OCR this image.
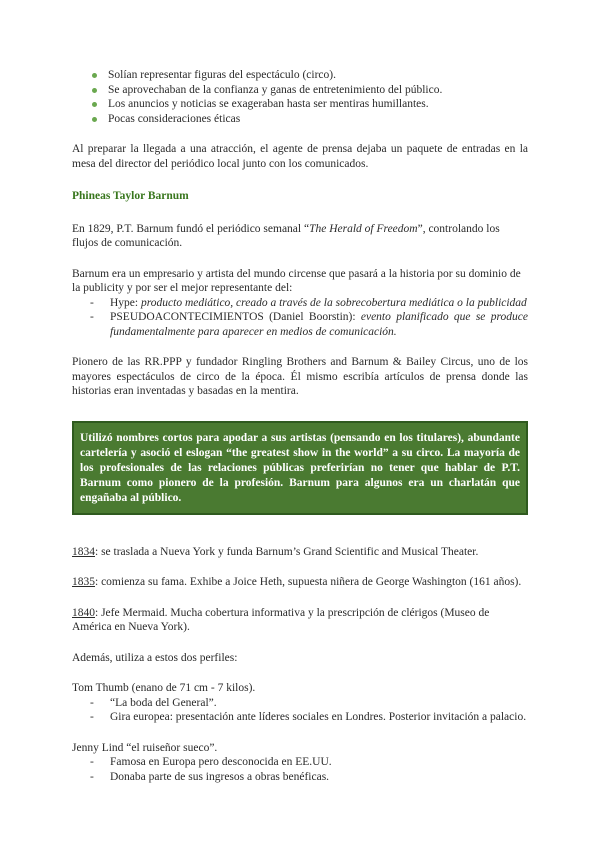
Solían representar figuras del espectáculo (circo).
Se aprovechaban de la confianza y ganas de entretenimiento del público.
Los anuncios y noticias se exageraban hasta ser mentiras humillantes.
Pocas consideraciones éticas

Al preparar la llegada a una atracción, el agente de prensa dejaba un paquete de entradas en la mesa del director del periódico local junto con los comunicados.

Phineas Taylor Barnum

En 1829, P.T. Barnum fundó el periódico semanal “The Herald of Freedom”, controlando los flujos de comunicación.

Barnum era un empresario y artista del mundo circense que pasará a la historia por su dominio de la publicity y por ser el mejor representante del:

- Hype: producto mediático, creado a través de la sobrecobertura mediática o la publicidad
- PSEUDOACONTECIMIENTOS (Daniel Boorstin): evento planificado que se produce fundamentalmente para aparecer en medios de comunicación.

Pionero de las RR.PPP y fundador Ringling Brothers and Barnum & Bailey Circus, uno de los mayores espectáculos de circo de la época. Él mismo escribía artículos de prensa donde las historias eran inventadas y basadas en la mentira.

Utilizó nombres cortos para apodar a sus artistas (pensando en los titulares), abundante cartelería y asoció el eslogan “the greatest show in the world” a su circo. La mayoría de los profesionales de las relaciones públicas preferirían no tener que hablar de P.T. Barnum como pionero de la profesión. Barnum para algunos era un charlatán que engañaba al público.

1834: se traslada a Nueva York y funda Barnum’s Grand Scientific and Musical Theater.

1835: comienza su fama. Exhibe a Joice Heth, supuesta niñera de George Washington (161 años).

1840: Jefe Mermaid. Mucha cobertura informativa y la prescripción de clérigos (Museo de América en Nueva York).

Además, utiliza a estos dos perfiles:

Tom Thumb (enano de 71 cm - 7 kilos).

- “La boda del General”.
- Gira europea: presentación ante líderes sociales en Londres. Posterior invitación a palacio.

Jenny Lind “el ruiseñor sueco”.

- Famosa en Europa pero desconocida en EE.UU.
- Donaba parte de sus ingresos a obras benéficas.
